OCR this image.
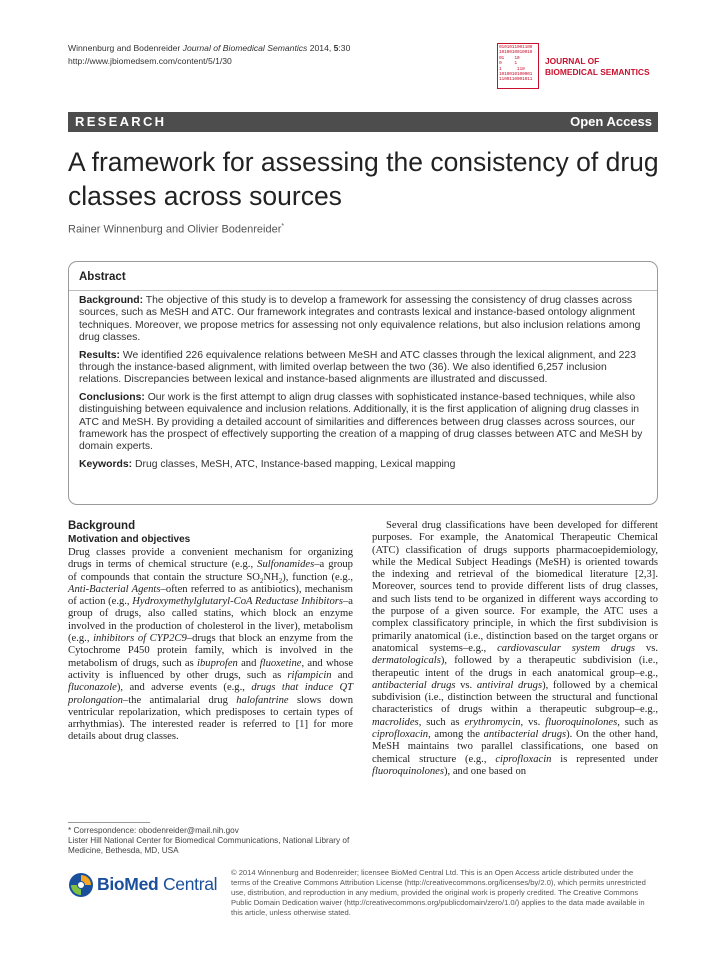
Winnenburg and Bodenreider Journal of Biomedical Semantics 2014, 5:30
http://www.jbiomedsem.com/content/5/1/30
0101011001100
1010010010010
01    10
0     1
1      110
1010010100001
1100110001011
JOURNAL OF
BIOMEDICAL SEMANTICS
RESEARCH	Open Access
A framework for assessing the consistency of drug classes across sources
Rainer Winnenburg and Olivier Bodenreider*
Abstract

Background: The objective of this study is to develop a framework for assessing the consistency of drug classes across sources, such as MeSH and ATC. Our framework integrates and contrasts lexical and instance-based ontology alignment techniques. Moreover, we propose metrics for assessing not only equivalence relations, but also inclusion relations among drug classes.

Results: We identified 226 equivalence relations between MeSH and ATC classes through the lexical alignment, and 223 through the instance-based alignment, with limited overlap between the two (36). We also identified 6,257 inclusion relations. Discrepancies between lexical and instance-based alignments are illustrated and discussed.

Conclusions: Our work is the first attempt to align drug classes with sophisticated instance-based techniques, while also distinguishing between equivalence and inclusion relations. Additionally, it is the first application of aligning drug classes in ATC and MeSH. By providing a detailed account of similarities and differences between drug classes across sources, our framework has the prospect of effectively supporting the creation of a mapping of drug classes between ATC and MeSH by domain experts.

Keywords: Drug classes, MeSH, ATC, Instance-based mapping, Lexical mapping

Background
Motivation and objectives

Drug classes provide a convenient mechanism for organizing drugs in terms of chemical structure (e.g., Sulfonamides–a group of compounds that contain the structure $SO_2NH_2$), function (e.g., Anti-Bacterial Agents–often referred to as antibiotics), mechanism of action (e.g., Hydroxymethylglutaryl-CoA Reductase Inhibitors–a group of drugs, also called statins, which block an enzyme involved in the production of cholesterol in the liver), metabolism (e.g., inhibitors of CYP2C9–drugs that block an enzyme from the Cytochrome P450 protein family, which is involved in the metabolism of drugs, such as ibuprofen and fluoxetine, and whose activity is influenced by other drugs, such as rifampicin and fluconazole), and adverse events (e.g., drugs that induce QT prolongation–the antimalarial drug halofantrine slows down ventricular repolarization, which predisposes to certain types of arrhythmias). The interested reader is referred to [1] for more details about drug classes.

Several drug classifications have been developed for different purposes. For example, the Anatomical Therapeutic Chemical (ATC) classification of drugs supports pharmacoepidemiology, while the Medical Subject Headings (MeSH) is oriented towards the indexing and retrieval of the biomedical literature [2,3]. Moreover, sources tend to provide different lists of drug classes, and such lists tend to be organized in different ways according to the purpose of a given source. For example, the ATC uses a complex classificatory principle, in which the first subdivision is primarily anatomical (i.e., distinction based on the target organs or anatomical systems–e.g., cardiovascular system drugs vs. dermatologicals), followed by a therapeutic subdivision (i.e., therapeutic intent of the drugs in each anatomical group–e.g., antibacterial drugs vs. antiviral drugs), followed by a chemical subdivision (i.e., distinction between the structural and functional characteristics of drugs within a therapeutic subgroup–e.g., macrolides, such as erythromycin, vs. fluoroquinolones, such as ciprofloxacin, among the antibacterial drugs). On the other hand, MeSH maintains two parallel classifications, one based on chemical structure (e.g., ciprofloxacin is represented under fluoroquinolones), and one based on

* Correspondence: obodenreider@mail.nih.gov
Lister Hill National Center for Biomedical Communications, National Library of Medicine, Bethesda, MD, USA
BioMed Central
© 2014 Winnenburg and Bodenreider; licensee BioMed Central Ltd. This is an Open Access article distributed under the terms of the Creative Commons Attribution License (http://creativecommons.org/licenses/by/2.0), which permits unrestricted use, distribution, and reproduction in any medium, provided the original work is properly credited. The Creative Commons Public Domain Dedication waiver (http://creativecommons.org/publicdomain/zero/1.0/) applies to the data made available in this article, unless otherwise stated.
